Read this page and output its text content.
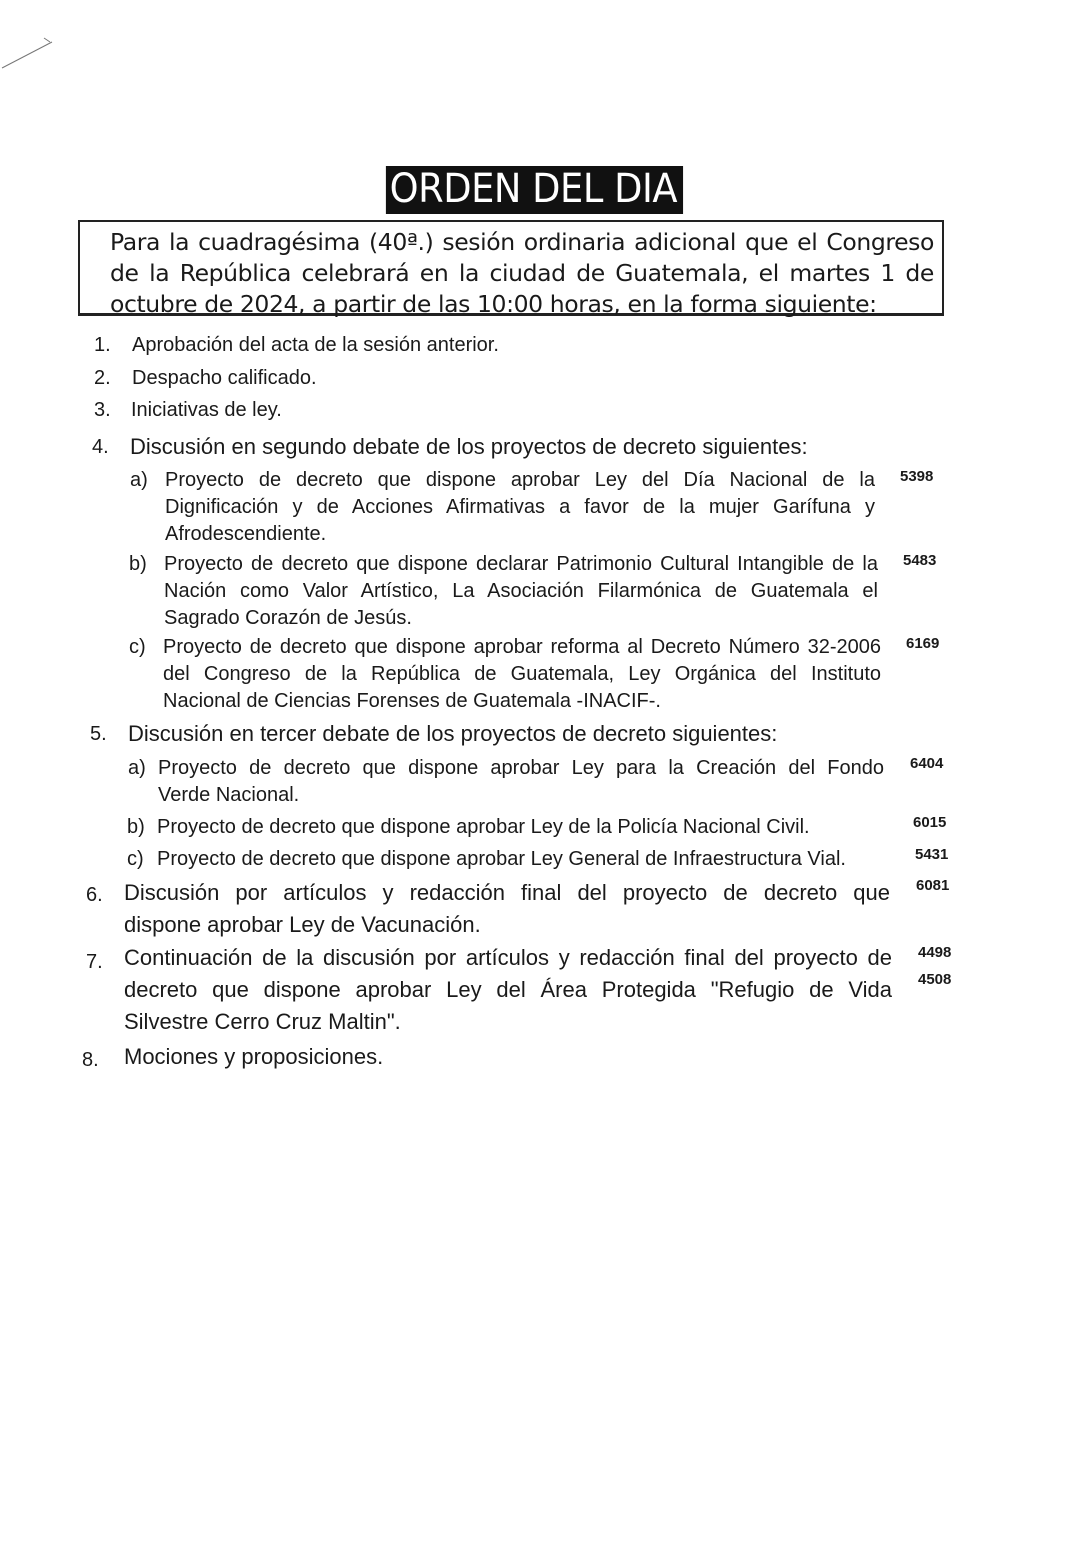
ORDEN DEL DIA
Para la cuadragésima (40ª.) sesión ordinaria adicional que el Congreso
de la República celebrará en la ciudad de Guatemala, el martes 1 de
octubre de 2024, a partir de las 10:00 horas, en la forma siguiente:
1. Aprobación del acta de la sesión anterior.
2. Despacho calificado.
3. Iniciativas de ley.
4. Discusión en segundo debate de los proyectos de decreto siguientes:
a) Proyecto de decreto que dispone aprobar Ley del Día Nacional de la
Dignificación y de Acciones Afirmativas a favor de la mujer Garífuna y
Afrodescendiente.
5398
b) Proyecto de decreto que dispone declarar Patrimonio Cultural Intangible de la
Nación como Valor Artístico, La Asociación Filarmónica de Guatemala el
Sagrado Corazón de Jesús.
5483
c) Proyecto de decreto que dispone aprobar reforma al Decreto Número 32-2006
del Congreso de la República de Guatemala, Ley Orgánica del Instituto
Nacional de Ciencias Forenses de Guatemala -INACIF-.
6169
5. Discusión en tercer debate de los proyectos de decreto siguientes:
a) Proyecto de decreto que dispone aprobar Ley para la Creación del Fondo
Verde Nacional.
6404
b) Proyecto de decreto que dispone aprobar Ley de la Policía Nacional Civil.	6015
c) Proyecto de decreto que dispone aprobar Ley General de Infraestructura Vial.	5431
6. Discusión por artículos y redacción final del proyecto de decreto que
dispone aprobar Ley de Vacunación.
6081
7. Continuación de la discusión por artículos y redacción final del proyecto de
decreto que dispone aprobar Ley del Área Protegida "Refugio de Vida
Silvestre Cerro Cruz Maltin".
4498
4508
8. Mociones y proposiciones.
